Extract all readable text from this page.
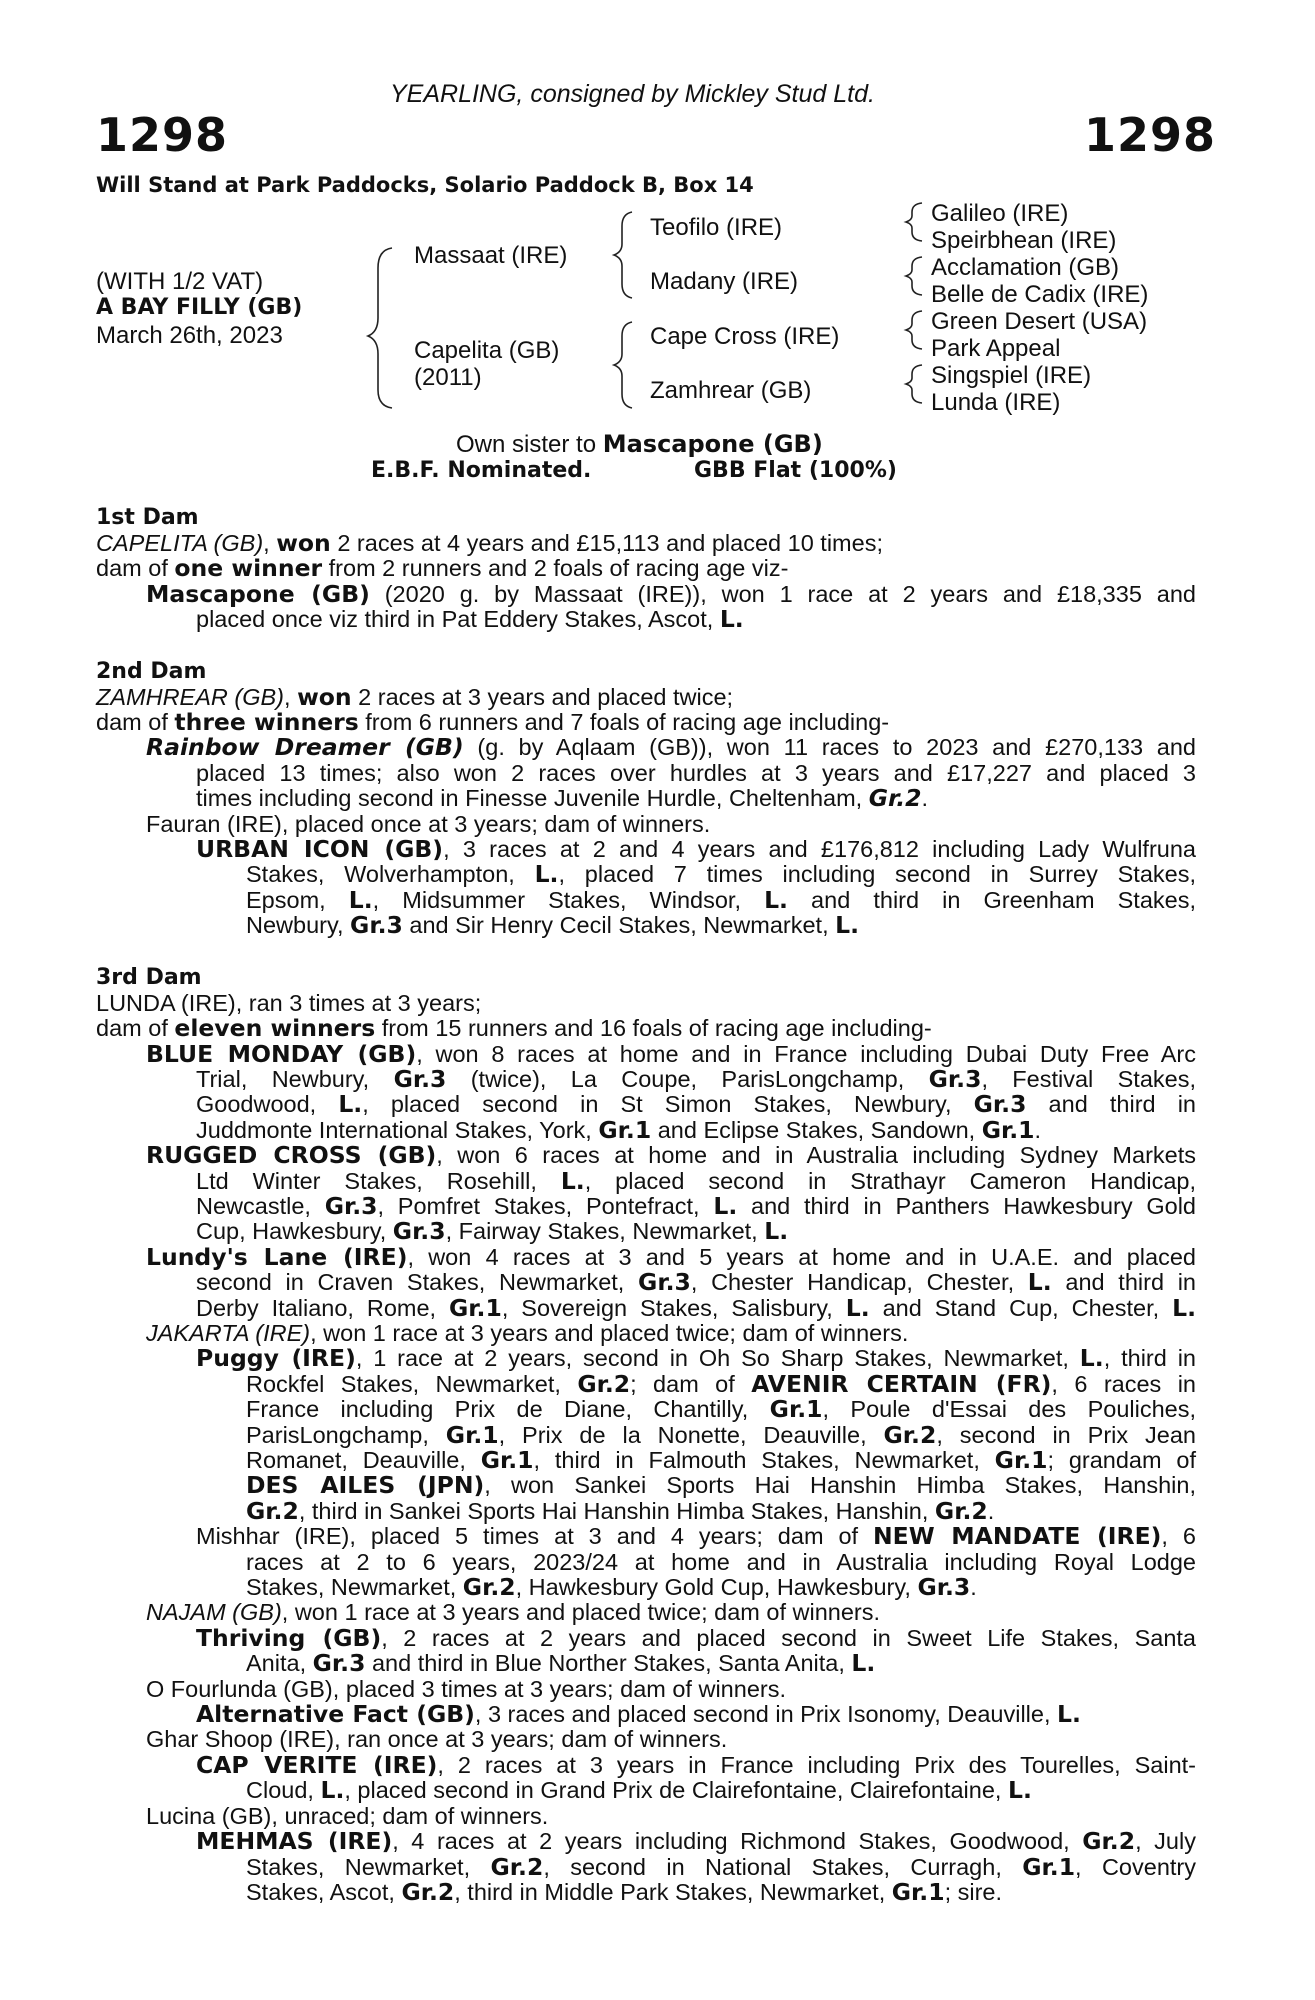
YEARLING, consigned by Mickley Stud Ltd.
1298	1298
Will Stand at Park Paddocks, Solario Paddock B, Box 14
(WITH 1/2 VAT)
A BAY FILLY (GB)
March 26th, 2023
Massaat (IRE)
Capelita (GB)
(2011)
Teofilo (IRE)
Madany (IRE)
Cape Cross (IRE)
Zamhrear (GB)
Galileo (IRE)
Speirbhean (IRE)
Acclamation (GB)
Belle de Cadix (IRE)
Green Desert (USA)
Park Appeal
Singspiel (IRE)
Lunda (IRE)
Own sister to Mascapone (GB)
E.B.F. Nominated.	GBB Flat (100%)
1st Dam
CAPELITA (GB), won 2 races at 4 years and £15,113 and placed 10 times;
dam of one winner from 2 runners and 2 foals of racing age viz-
Mascapone (GB) (2020 g. by Massaat (IRE)), won 1 race at 2 years and £18,335 and
placed once viz third in Pat Eddery Stakes, Ascot, L.
2nd Dam
ZAMHREAR (GB), won 2 races at 3 years and placed twice;
dam of three winners from 6 runners and 7 foals of racing age including-
Rainbow Dreamer (GB) (g. by Aqlaam (GB)), won 11 races to 2023 and £270,133 and
placed 13 times; also won 2 races over hurdles at 3 years and £17,227 and placed 3
times including second in Finesse Juvenile Hurdle, Cheltenham, Gr.2.
Fauran (IRE), placed once at 3 years; dam of winners.
URBAN ICON (GB), 3 races at 2 and 4 years and £176,812 including Lady Wulfruna
Stakes, Wolverhampton, L., placed 7 times including second in Surrey Stakes,
Epsom, L., Midsummer Stakes, Windsor, L. and third in Greenham Stakes,
Newbury, Gr.3 and Sir Henry Cecil Stakes, Newmarket, L.
3rd Dam
LUNDA (IRE), ran 3 times at 3 years;
dam of eleven winners from 15 runners and 16 foals of racing age including-
BLUE MONDAY (GB), won 8 races at home and in France including Dubai Duty Free Arc
Trial, Newbury, Gr.3 (twice), La Coupe, ParisLongchamp, Gr.3, Festival Stakes,
Goodwood, L., placed second in St Simon Stakes, Newbury, Gr.3 and third in
Juddmonte International Stakes, York, Gr.1 and Eclipse Stakes, Sandown, Gr.1.
RUGGED CROSS (GB), won 6 races at home and in Australia including Sydney Markets
Ltd Winter Stakes, Rosehill, L., placed second in Strathayr Cameron Handicap,
Newcastle, Gr.3, Pomfret Stakes, Pontefract, L. and third in Panthers Hawkesbury Gold
Cup, Hawkesbury, Gr.3, Fairway Stakes, Newmarket, L.
Lundy's Lane (IRE), won 4 races at 3 and 5 years at home and in U.A.E. and placed
second in Craven Stakes, Newmarket, Gr.3, Chester Handicap, Chester, L. and third in
Derby Italiano, Rome, Gr.1, Sovereign Stakes, Salisbury, L. and Stand Cup, Chester, L.
JAKARTA (IRE), won 1 race at 3 years and placed twice; dam of winners.
Puggy (IRE), 1 race at 2 years, second in Oh So Sharp Stakes, Newmarket, L., third in
Rockfel Stakes, Newmarket, Gr.2; dam of AVENIR CERTAIN (FR), 6 races in
France including Prix de Diane, Chantilly, Gr.1, Poule d'Essai des Pouliches,
ParisLongchamp, Gr.1, Prix de la Nonette, Deauville, Gr.2, second in Prix Jean
Romanet, Deauville, Gr.1, third in Falmouth Stakes, Newmarket, Gr.1; grandam of
DES AILES (JPN), won Sankei Sports Hai Hanshin Himba Stakes, Hanshin,
Gr.2, third in Sankei Sports Hai Hanshin Himba Stakes, Hanshin, Gr.2.
Mishhar (IRE), placed 5 times at 3 and 4 years; dam of NEW MANDATE (IRE), 6
races at 2 to 6 years, 2023/24 at home and in Australia including Royal Lodge
Stakes, Newmarket, Gr.2, Hawkesbury Gold Cup, Hawkesbury, Gr.3.
NAJAM (GB), won 1 race at 3 years and placed twice; dam of winners.
Thriving (GB), 2 races at 2 years and placed second in Sweet Life Stakes, Santa
Anita, Gr.3 and third in Blue Norther Stakes, Santa Anita, L.
O Fourlunda (GB), placed 3 times at 3 years; dam of winners.
Alternative Fact (GB), 3 races and placed second in Prix Isonomy, Deauville, L.
Ghar Shoop (IRE), ran once at 3 years; dam of winners.
CAP VERITE (IRE), 2 races at 3 years in France including Prix des Tourelles, Saint-
Cloud, L., placed second in Grand Prix de Clairefontaine, Clairefontaine, L.
Lucina (GB), unraced; dam of winners.
MEHMAS (IRE), 4 races at 2 years including Richmond Stakes, Goodwood, Gr.2, July
Stakes, Newmarket, Gr.2, second in National Stakes, Curragh, Gr.1, Coventry
Stakes, Ascot, Gr.2, third in Middle Park Stakes, Newmarket, Gr.1; sire.
